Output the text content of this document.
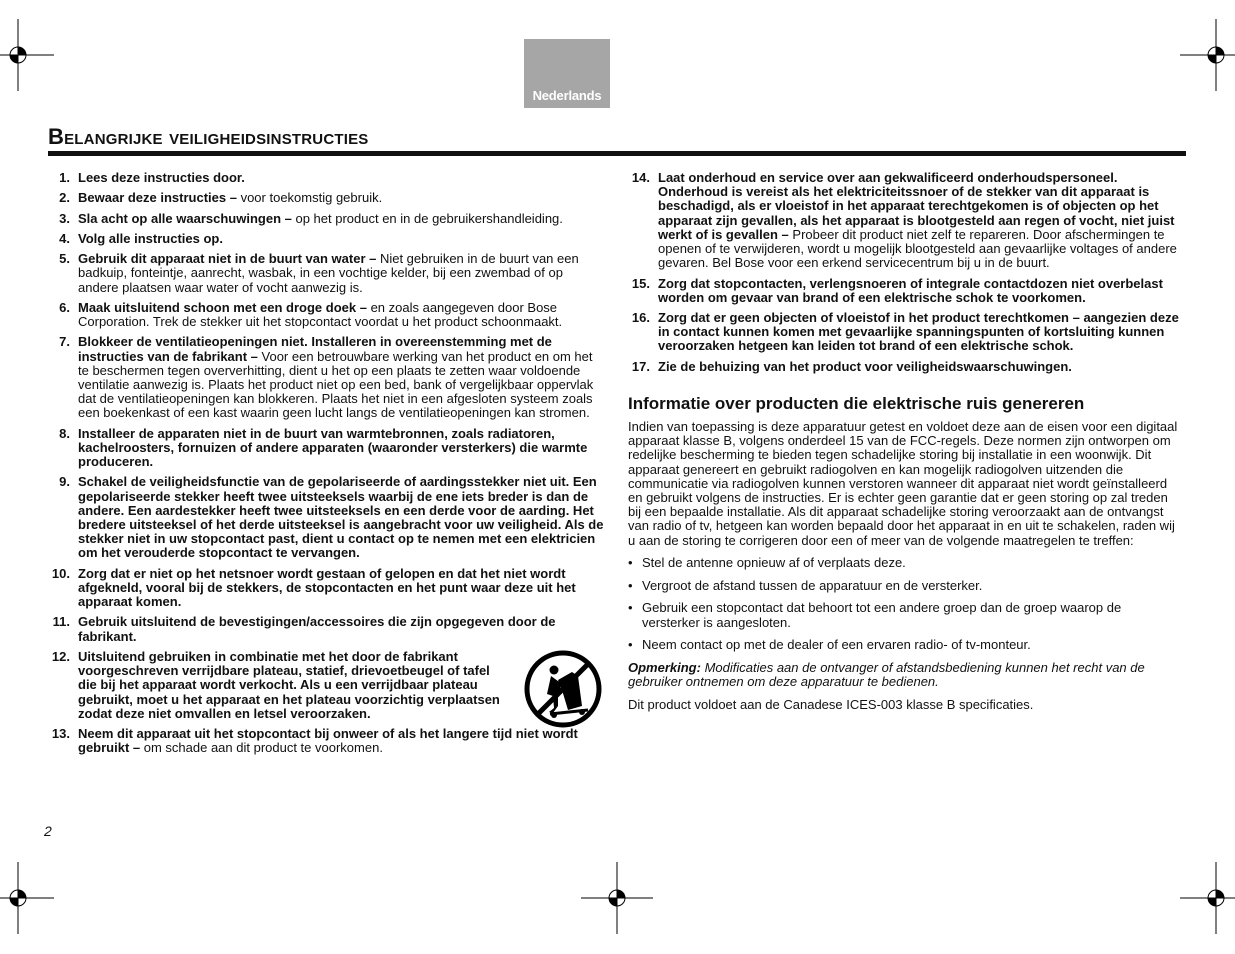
Nederlands
Belangrijke veiligheidsinstructies
1. Lees deze instructies door.
2. Bewaar deze instructies – voor toekomstig gebruik.
3. Sla acht op alle waarschuwingen – op het product en in de gebruikershandleiding.
4. Volg alle instructies op.
5. Gebruik dit apparaat niet in de buurt van water – Niet gebruiken in de buurt van een badkuip, fonteintje, aanrecht, wasbak, in een vochtige kelder, bij een zwembad of op andere plaatsen waar water of vocht aanwezig is.
6. Maak uitsluitend schoon met een droge doek – en zoals aangegeven door Bose Corporation. Trek de stekker uit het stopcontact voordat u het product schoonmaakt.
7. Blokkeer de ventilatieopeningen niet. Installeren in overeenstemming met de instructies van de fabrikant – Voor een betrouwbare werking van het product en om het te beschermen tegen oververhitting, dient u het op een plaats te zetten waar voldoende ventilatie aanwezig is. Plaats het product niet op een bed, bank of vergelijkbaar oppervlak dat de ventilatieopeningen kan blokkeren. Plaats het niet in een afgesloten systeem zoals een boekenkast of een kast waarin geen lucht langs de ventilatieopeningen kan stromen.
8. Installeer de apparaten niet in de buurt van warmtebronnen, zoals radiatoren, kachelroosters, fornuizen of andere apparaten (waaronder versterkers) die warmte produceren.
9. Schakel de veiligheidsfunctie van de gepolariseerde of aardingsstekker niet uit. Een gepolariseerde stekker heeft twee uitsteeksels waarbij de ene iets breder is dan de andere. Een aardestekker heeft twee uitsteeksels en een derde voor de aarding. Het bredere uitsteeksel of het derde uitsteeksel is aangebracht voor uw veiligheid. Als de stekker niet in uw stopcontact past, dient u contact op te nemen met een elektricien om het verouderde stopcontact te vervangen.
10. Zorg dat er niet op het netsnoer wordt gestaan of gelopen en dat het niet wordt afgekneld, vooral bij de stekkers, de stopcontacten en het punt waar deze uit het apparaat komen.
11. Gebruik uitsluitend de bevestigingen/accessoires die zijn opgegeven door de fabrikant.
12. Uitsluitend gebruiken in combinatie met het door de fabrikant voorgeschreven verrijdbare plateau, statief, drievoetbeugel of tafel die bij het apparaat wordt verkocht. Als u een verrijdbaar plateau gebruikt, moet u het apparaat en het plateau voorzichtig verplaatsen zodat deze niet omvallen en letsel veroorzaken.
13. Neem dit apparaat uit het stopcontact bij onweer of als het langere tijd niet wordt gebruikt – om schade aan dit product te voorkomen.
14. Laat onderhoud en service over aan gekwalificeerd onderhoudspersoneel. Onderhoud is vereist als het elektriciteitssnoer of de stekker van dit apparaat is beschadigd, als er vloeistof in het apparaat terechtgekomen is of objecten op het apparaat zijn gevallen, als het apparaat is blootgesteld aan regen of vocht, niet juist werkt of is gevallen – Probeer dit product niet zelf te repareren. Door afschermingen te openen of te verwijderen, wordt u mogelijk blootgesteld aan gevaarlijke voltages of andere gevaren. Bel Bose voor een erkend servicecentrum bij u in de buurt.
15. Zorg dat stopcontacten, verlengsnoeren of integrale contactdozen niet overbelast worden om gevaar van brand of een elektrische schok te voorkomen.
16. Zorg dat er geen objecten of vloeistof in het product terechtkomen – aangezien deze in contact kunnen komen met gevaarlijke spanningspunten of kortsluiting kunnen veroorzaken hetgeen kan leiden tot brand of een elektrische schok.
17. Zie de behuizing van het product voor veiligheidswaarschuwingen.
Informatie over producten die elektrische ruis genereren

Indien van toepassing is deze apparatuur getest en voldoet deze aan de eisen voor een digitaal apparaat klasse B, volgens onderdeel 15 van de FCC-regels. Deze normen zijn ontworpen om redelijke bescherming te bieden tegen schadelijke storing bij installatie in een woonwijk. Dit apparaat genereert en gebruikt radiogolven en kan mogelijk radiogolven uitzenden die communicatie via radiogolven kunnen verstoren wanneer dit apparaat niet wordt geïnstalleerd en gebruikt volgens de instructies. Er is echter geen garantie dat er geen storing op zal treden bij een bepaalde installatie. Als dit apparaat schadelijke storing veroorzaakt aan de ontvangst van radio of tv, hetgeen kan worden bepaald door het apparaat in en uit te schakelen, raden wij u aan de storing te corrigeren door een of meer van de volgende maatregelen te treffen:

• Stel de antenne opnieuw af of verplaats deze.
• Vergroot de afstand tussen de apparatuur en de versterker.
• Gebruik een stopcontact dat behoort tot een andere groep dan de groep waarop de versterker is aangesloten.
• Neem contact op met de dealer of een ervaren radio- of tv-monteur.

Opmerking: Modificaties aan de ontvanger of afstandsbediening kunnen het recht van de gebruiker ontnemen om deze apparatuur te bedienen.

Dit product voldoet aan de Canadese ICES-003 klasse B specificaties.

2
